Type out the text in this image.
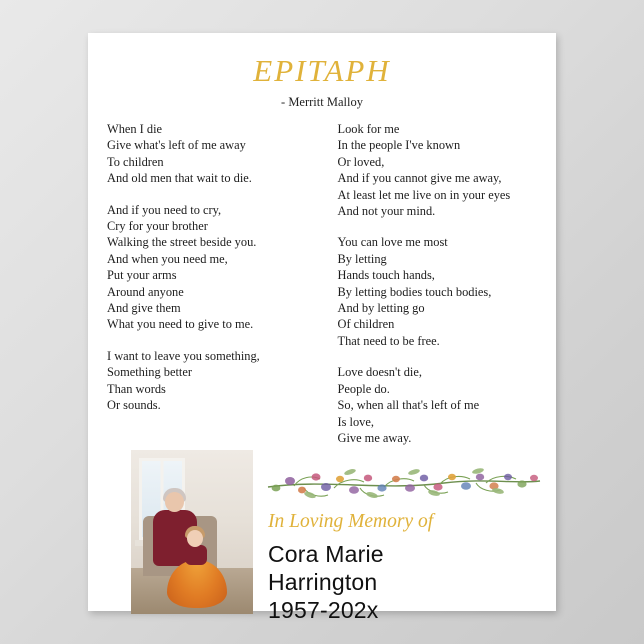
EPITAPH
- Merritt Malloy
When I die
Give what's left of me away
To children
And old men that wait to die.
And if you need to cry,
Cry for your brother
Walking the street beside you.
And when you need me,
Put your arms
Around anyone
And give them
What you need to give to me.
I want to leave you something,
Something better
Than words
Or sounds.
Look for me
In the people I've known
Or loved,
And if you cannot give me away,
At least let me live on in your eyes
And not your mind.
You can love me most
By letting
Hands touch hands,
By letting bodies touch bodies,
And by letting go
Of children
That need to be free.
Love doesn't die,
People do.
So, when all that's left of me
Is love,
Give me away.
In Loving Memory of
Cora Marie
Harrington
1957-202x
